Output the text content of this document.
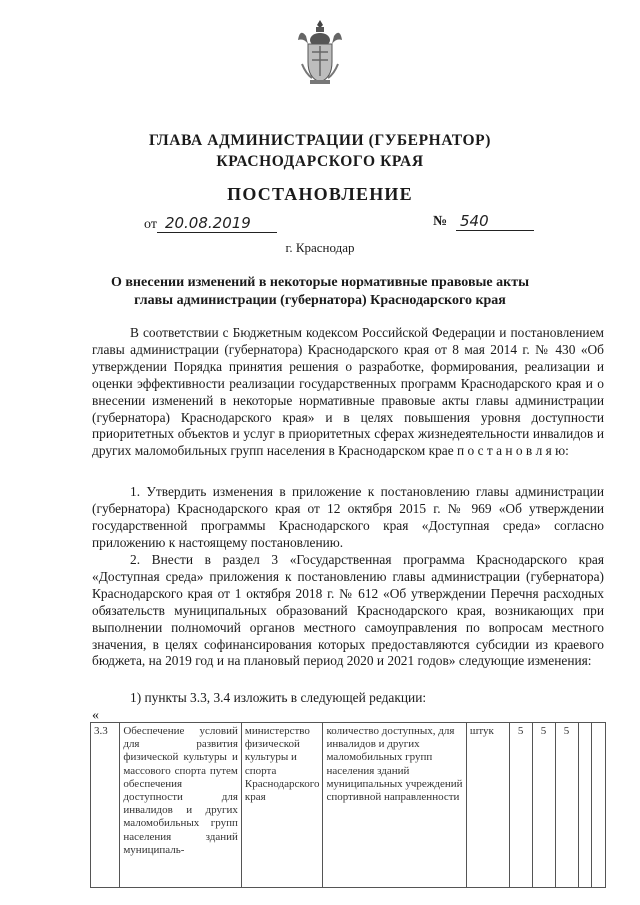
ГЛАВА АДМИНИСТРАЦИИ (ГУБЕРНАТОР)
КРАСНОДАРСКОГО КРАЯ
ПОСТАНОВЛЕНИЕ
от 20.08.2019	№ 540
г. Краснодар
О внесении изменений в некоторые нормативные правовые акты
главы администрации (губернатора) Краснодарского края
В соответствии с Бюджетным кодексом Российской Федерации и постановлением главы администрации (губернатора) Краснодарского края от 8 мая 2014 г. № 430 «Об утверждении Порядка принятия решения о разработке, формирования, реализации и оценки эффективности реализации государственных программ Краснодарского края и о внесении изменений в некоторые нормативные правовые акты главы администрации (губернатора) Краснодарского края» и в целях повышения уровня доступности приоритетных объектов и услуг в приоритетных сферах жизнедеятельности инвалидов и других маломобильных групп населения в Краснодарском крае п о с т а н о в л я ю:
1. Утвердить изменения в приложение к постановлению главы администрации (губернатора) Краснодарского края от 12 октября 2015 г. № 969 «Об утверждении государственной программы Краснодарского края «Доступная среда» согласно приложению к настоящему постановлению.
2. Внести в раздел 3 «Государственная программа Краснодарского края «Доступная среда» приложения к постановлению главы администрации (губернатора) Краснодарского края от 1 октября 2018 г. № 612 «Об утверждении Перечня расходных обязательств муниципальных образований Краснодарского края, возникающих при выполнении полномочий органов местного самоуправления по вопросам местного значения, в целях софинансирования которых предоставляются субсидии из краевого бюджета, на 2019 год и на плановый период 2020 и 2021 годов» следующие изменения:
1) пункты 3.3, 3.4 изложить в следующей редакции:
«
3.3	Обеспечение условий для развития физической культуры и массового спорта путем обеспечения доступности для инвалидов и других маломобильных групп населения зданий муниципаль-	министерство физической культуры и спорта Краснодарского края	количество доступных, для инвалидов и других маломобильных групп населения зданий муниципальных учреждений спортивной направленности	штук	5	5	5		
